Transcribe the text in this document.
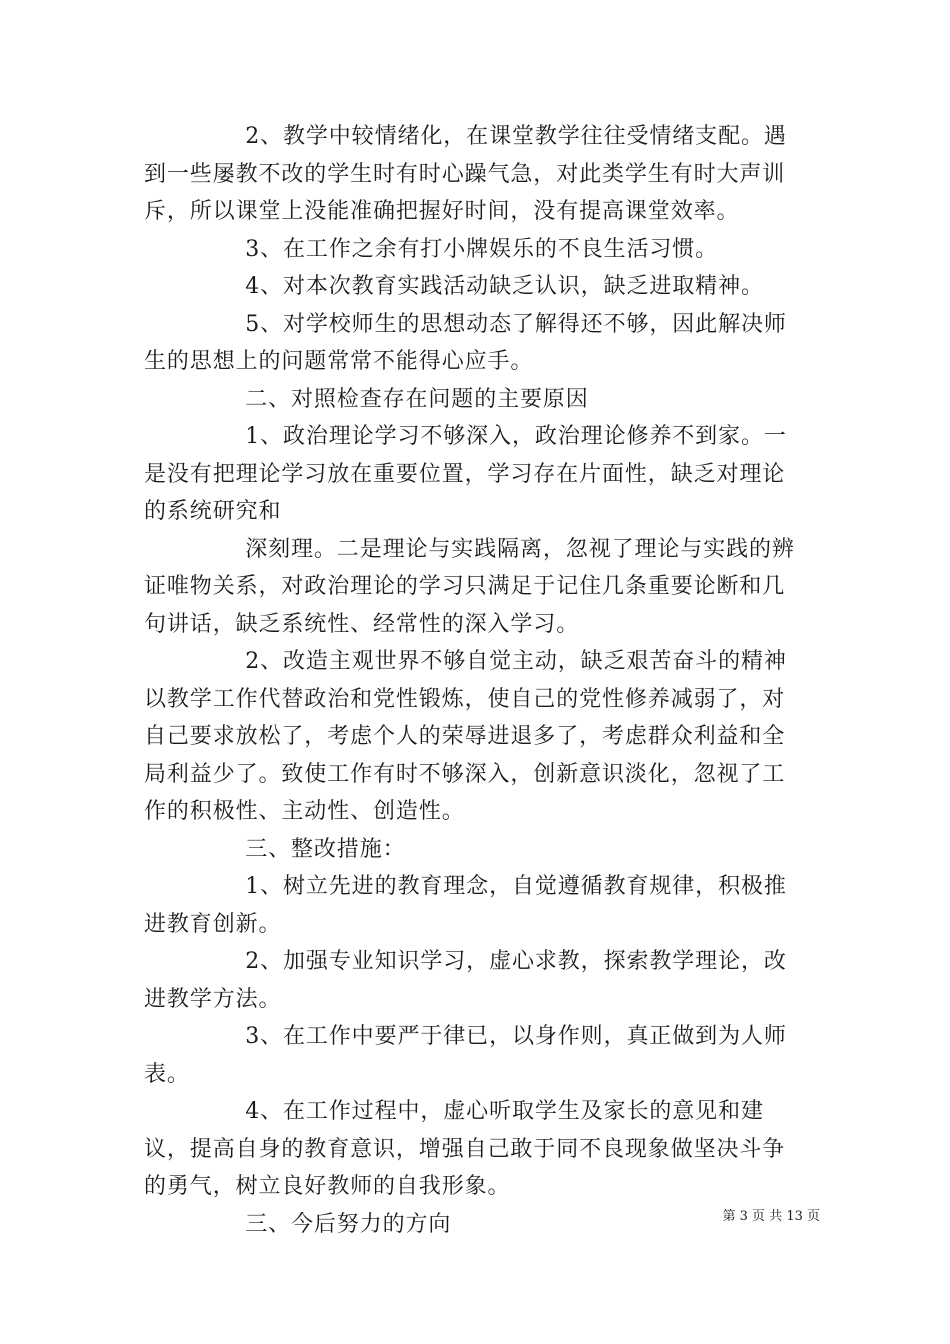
2、教学中较情绪化，在课堂教学往往受情绪支配。遇到一些屡教不改的学生时有时心躁气急，对此类学生有时大声训斥，所以课堂上没能准确把握好时间，没有提高课堂效率。

3、在工作之余有打小牌娱乐的不良生活习惯。

4、对本次教育实践活动缺乏认识，缺乏进取精神。

5、对学校师生的思想动态了解得还不够，因此解决师生的思想上的问题常常不能得心应手。

二、对照检查存在问题的主要原因

1、政治理论学习不够深入，政治理论修养不到家。一是没有把理论学习放在重要位置，学习存在片面性，缺乏对理论的系统研究和

深刻理。二是理论与实践隔离，忽视了理论与实践的辨证唯物关系，对政治理论的学习只满足于记住几条重要论断和几句讲话，缺乏系统性、经常性的深入学习。

2、改造主观世界不够自觉主动，缺乏艰苦奋斗的精神以教学工作代替政治和党性锻炼，使自己的党性修养减弱了，对自己要求放松了，考虑个人的荣辱进退多了，考虑群众利益和全局利益少了。致使工作有时不够深入，创新意识淡化，忽视了工作的积极性、主动性、创造性。

三、整改措施：

1、树立先进的教育理念，自觉遵循教育规律，积极推进教育创新。

2、加强专业知识学习，虚心求教，探索教学理论，改进教学方法。

3、在工作中要严于律已，以身作则，真正做到为人师表。

4、在工作过程中，虚心听取学生及家长的意见和建议，提高自身的教育意识，增强自己敢于同不良现象做坚决斗争的勇气，树立良好教师的自我形象。

三、今后努力的方向	第 3 页 共 13 页
